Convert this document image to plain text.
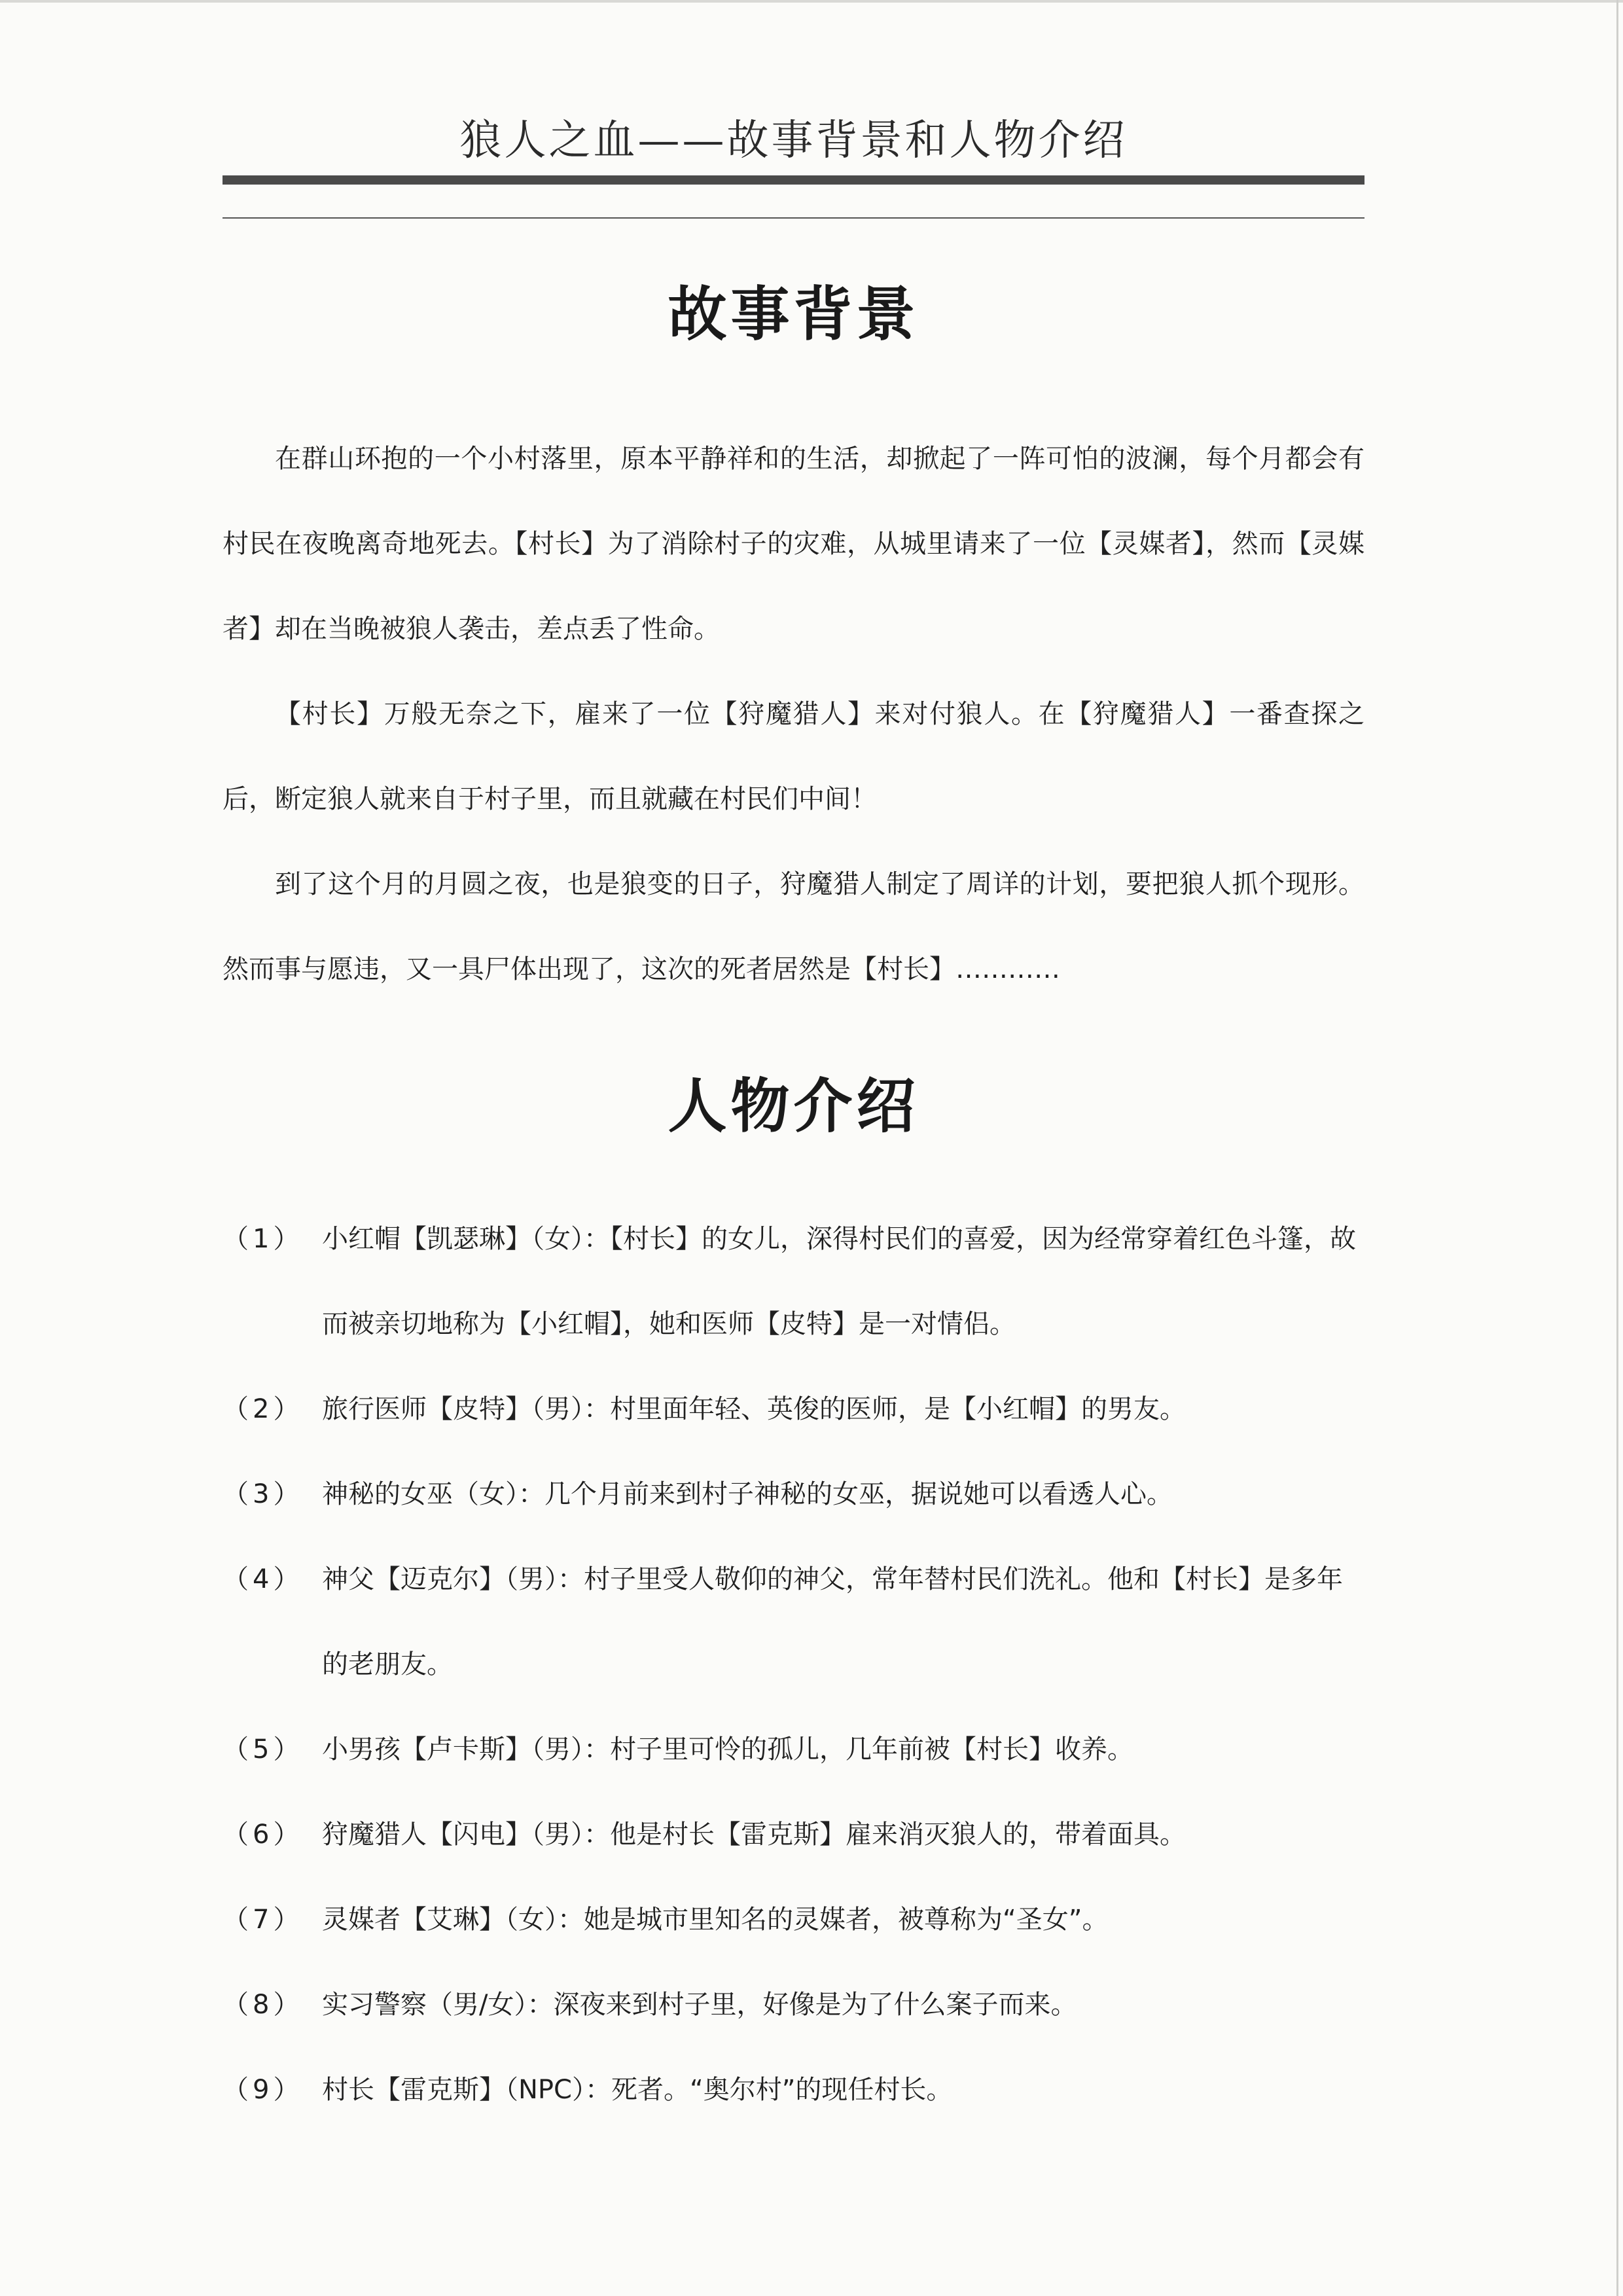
狼人之血——故事背景和人物介绍
故事背景

在群山环抱的一个小村落里，原本平静祥和的生活，却掀起了一阵可怕的波澜，每个月都会有村民在夜晚离奇地死去。【村长】为了消除村子的灾难，从城里请来了一位【灵媒者】，然而【灵媒者】却在当晚被狼人袭击，差点丢了性命。

【村长】万般无奈之下，雇来了一位【狩魔猎人】来对付狼人。在【狩魔猎人】一番查探之后，断定狼人就来自于村子里，而且就藏在村民们中间！

到了这个月的月圆之夜，也是狼变的日子，狩魔猎人制定了周详的计划，要把狼人抓个现形。然而事与愿违，又一具尸体出现了，这次的死者居然是【村长】…………

人物介绍
（1） 小红帽【凯瑟琳】（女）：【村长】的女儿，深得村民们的喜爱，因为经常穿着红色斗篷，故而被亲切地称为【小红帽】，她和医师【皮特】是一对情侣。
（2） 旅行医师【皮特】（男）：村里面年轻、英俊的医师，是【小红帽】的男友。
（3） 神秘的女巫（女）：几个月前来到村子神秘的女巫，据说她可以看透人心。
（4） 神父【迈克尔】（男）：村子里受人敬仰的神父，常年替村民们洗礼。他和【村长】是多年的老朋友。
（5） 小男孩【卢卡斯】（男）：村子里可怜的孤儿，几年前被【村长】收养。
（6） 狩魔猎人【闪电】（男）：他是村长【雷克斯】雇来消灭狼人的，带着面具。
（7） 灵媒者【艾琳】（女）：她是城市里知名的灵媒者，被尊称为“圣女”。
（8） 实习警察（男/女）：深夜来到村子里，好像是为了什么案子而来。
（9） 村长【雷克斯】（NPC）：死者。“奥尔村”的现任村长。
